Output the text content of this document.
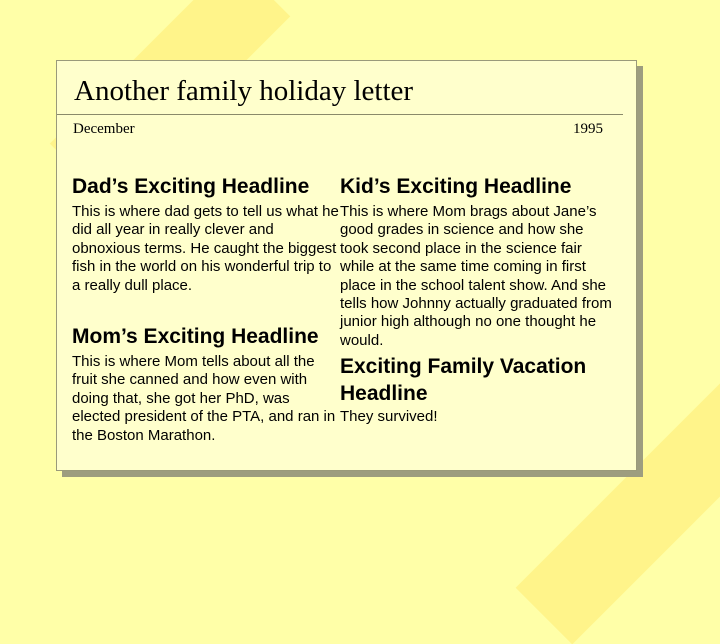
Another family holiday letter
December	1995
Dad’s Exciting Headline

This is where dad gets to tell us what he did all year in really clever and obnoxious terms. He caught the biggest fish in the world on his wonderful trip to a really dull place.

Mom’s Exciting Headline

This is where Mom tells about all the fruit she canned and how even with doing that, she got her PhD, was elected president of the PTA, and ran in the Boston Marathon.

Kid’s Exciting Headline

This is where Mom brags about Jane’s good grades in science and how she took second place in the science fair while at the same time coming in first place in the school talent show. And she tells how Johnny actually graduated from junior high although no one thought he would.

Exciting Family Vacation Headline

They survived!
